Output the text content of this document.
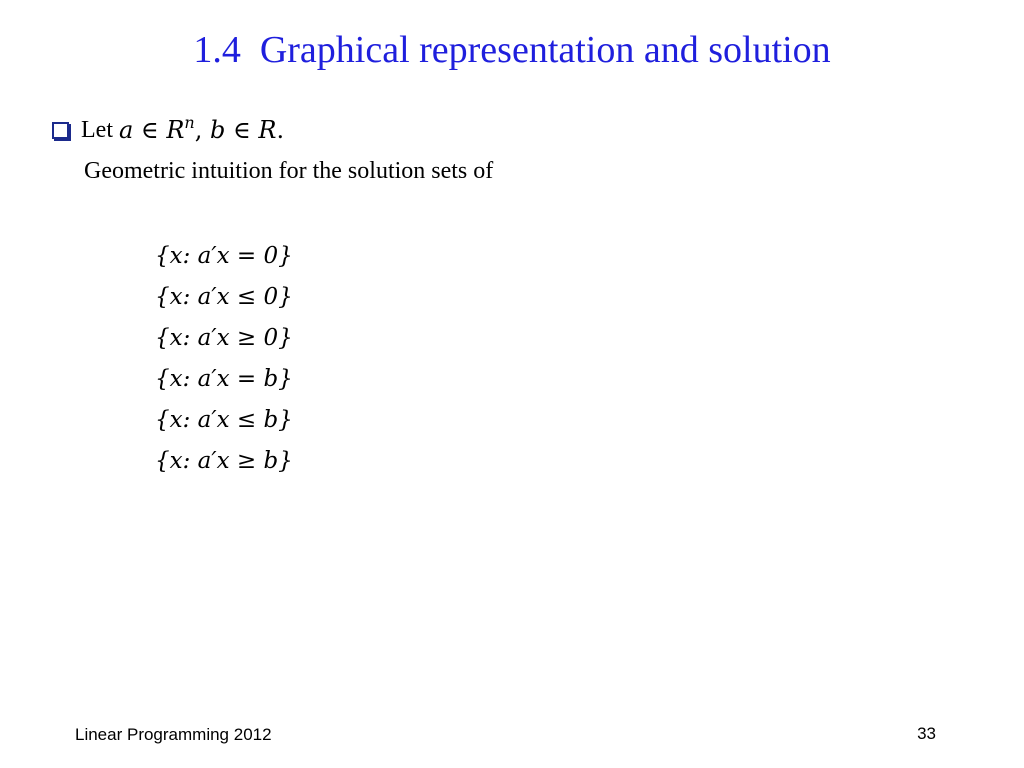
1.4  Graphical representation and solution
Let a ∈ $R^n$, b ∈ R.
Geometric intuition for the solution sets of
{x: a′x = 0}
{x: a′x ≤ 0}
{x: a′x ≥ 0}
{x: a′x = b}
{x: a′x ≤ b}
{x: a′x ≥ b}
Linear Programming 2012	33
